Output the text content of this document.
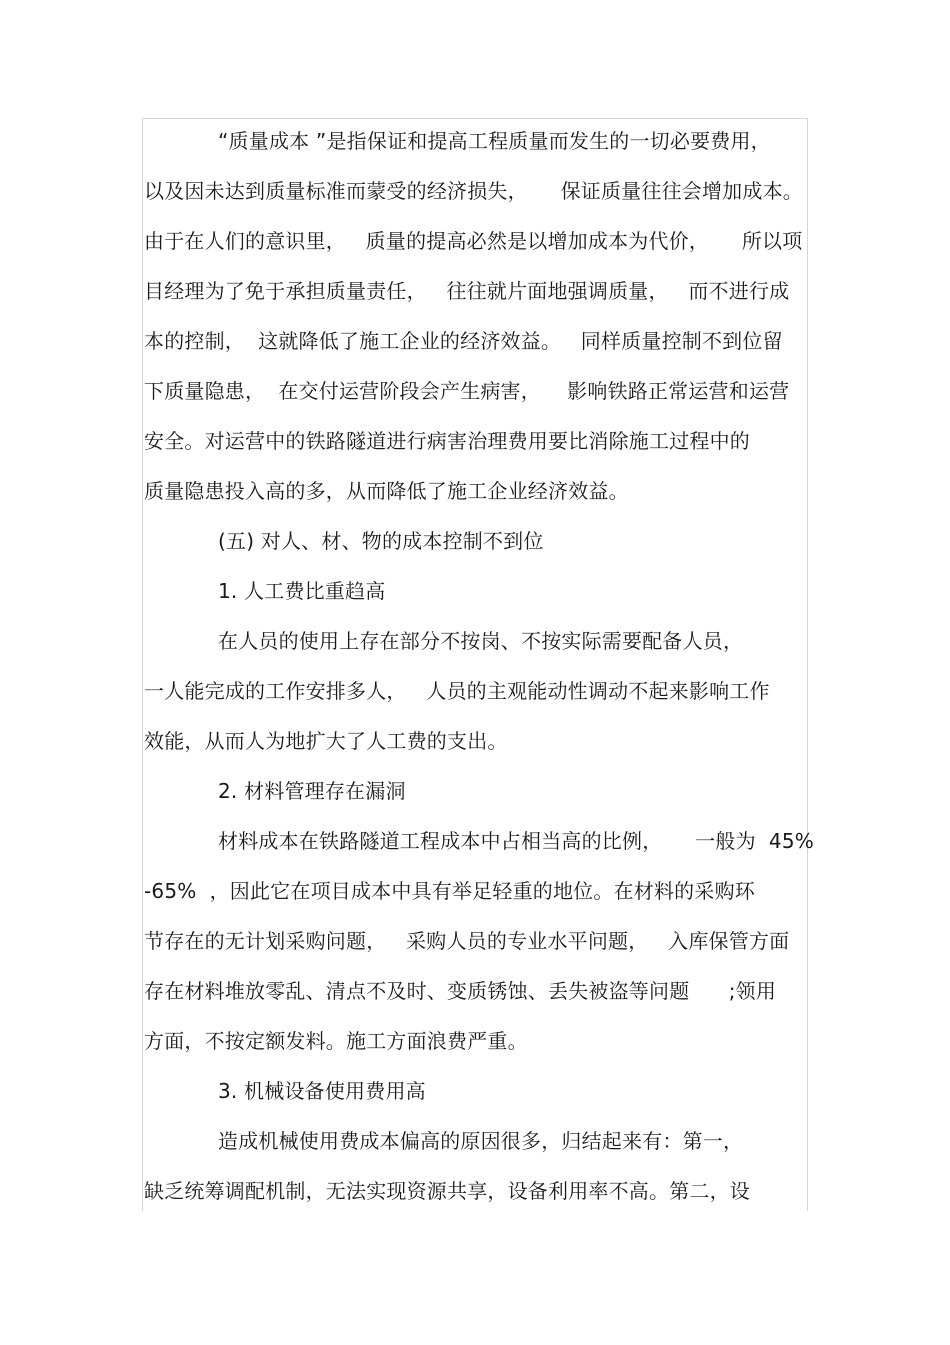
“质量成本 ”是指保证和提高工程质量而发生的一切必要费用，
以及因未达到质量标准而蒙受的经济损失，     保证质量往往会增加成本。
由于在人们的意识里，   质量的提高必然是以增加成本为代价，     所以项
目经理为了免于承担质量责任，   往往就片面地强调质量，   而不进行成
本的控制，  这就降低了施工企业的经济效益。   同样质量控制不到位留
下质量隐患，  在交付运营阶段会产生病害，    影响铁路正常运营和运营
安全。对运营中的铁路隧道进行病害治理费用要比消除施工过程中的
质量隐患投入高的多，从而降低了施工企业经济效益。
(五) 对人、材、物的成本控制不到位
1. 人工费比重趋高
在人员的使用上存在部分不按岗、不按实际需要配备人员，
一人能完成的工作安排多人，   人员的主观能动性调动不起来影响工作
效能，从而人为地扩大了人工费的支出。
2. 材料管理存在漏洞
材料成本在铁路隧道工程成本中占相当高的比例，     一般为  45%
-65%  ，因此它在项目成本中具有举足轻重的地位。在材料的采购环
节存在的无计划采购问题，   采购人员的专业水平问题，   入库保管方面
存在材料堆放零乱、清点不及时、变质锈蚀、丢失被盗等问题      ;领用
方面，不按定额发料。施工方面浪费严重。
3. 机械设备使用费用高
造成机械使用费成本偏高的原因很多，归结起来有：第一，
缺乏统筹调配机制，无法实现资源共享，设备利用率不高。第二，设
